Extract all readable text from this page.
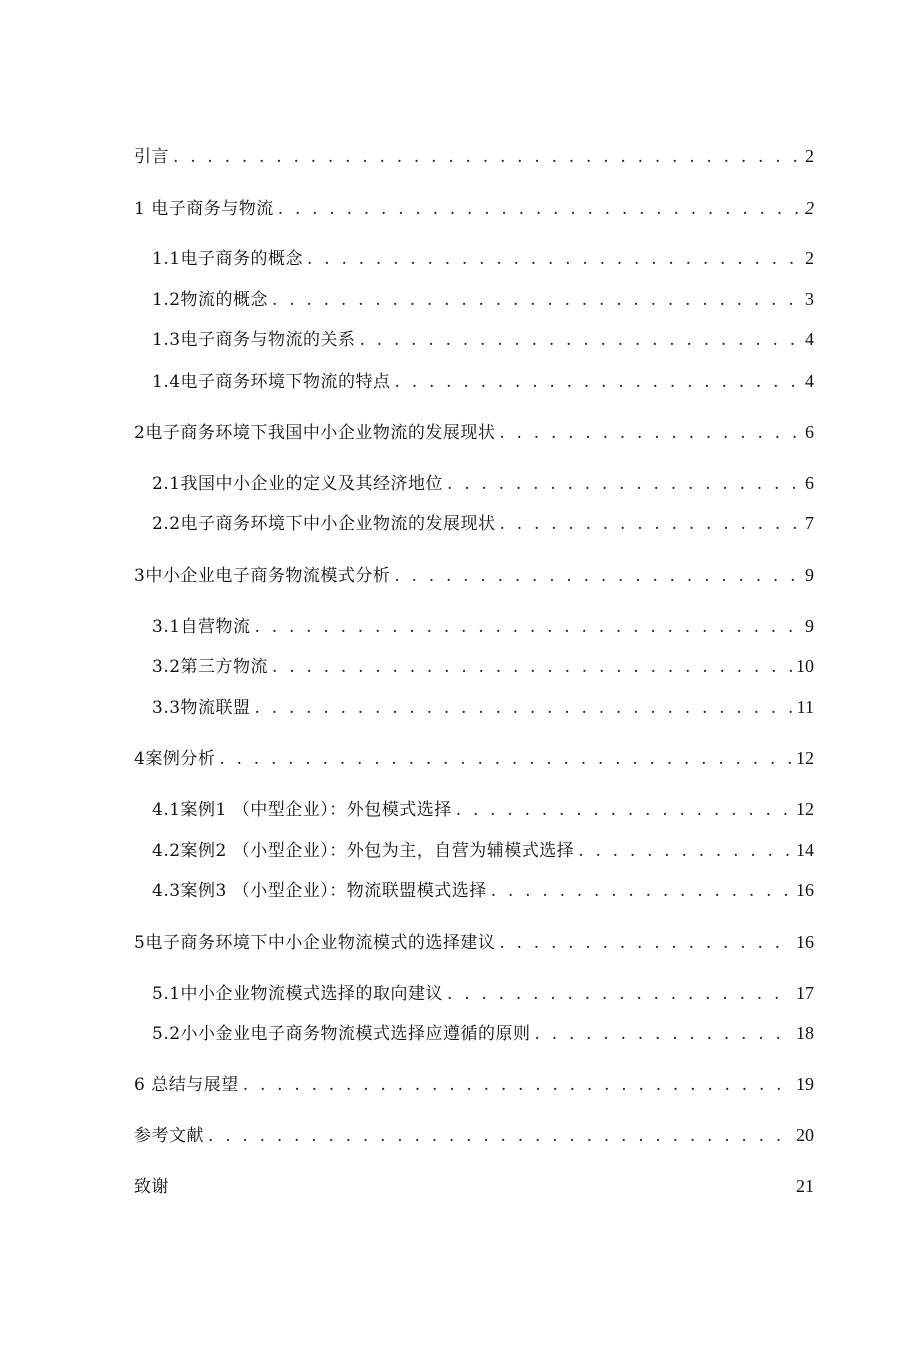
引言 . . .	2
1 电子商务与物流 . . .	2
1.1电子商务的概念 . . .	2
1.2物流的概念 . . .	3
1.3电子商务与物流的关系 . . .	4
1.4电子商务环境下物流的特点 . . .	4
2电子商务环境下我国中小企业物流的发展现状 . . .	6
2.1我国中小企业的定义及其经济地位 . . .	6
2.2电子商务环境下中小企业物流的发展现状 . . .	7
3中小企业电子商务物流模式分析 . . .	9
3.1自营物流 . . .	9
3.2第三方物流 . . .	10
3.3物流联盟 . . .	11
4案例分析 . . .	12
4.1案例1 （中型企业）：外包模式选择 . . .	12
4.2案例2 （小型企业）：外包为主，自营为辅模式选择 . . .	14
4.3案例3 （小型企业）：物流联盟模式选择 . . .	16
5电子商务环境下中小企业物流模式的选择建议 . . .	16
5.1中小企业物流模式选择的取向建议 . . .	17
5.2小小金业电子商务物流模式选择应遵循的原则 . . .	18
6 总结与展望 . . .	19
参考文献 . . .	20
致谢	21
